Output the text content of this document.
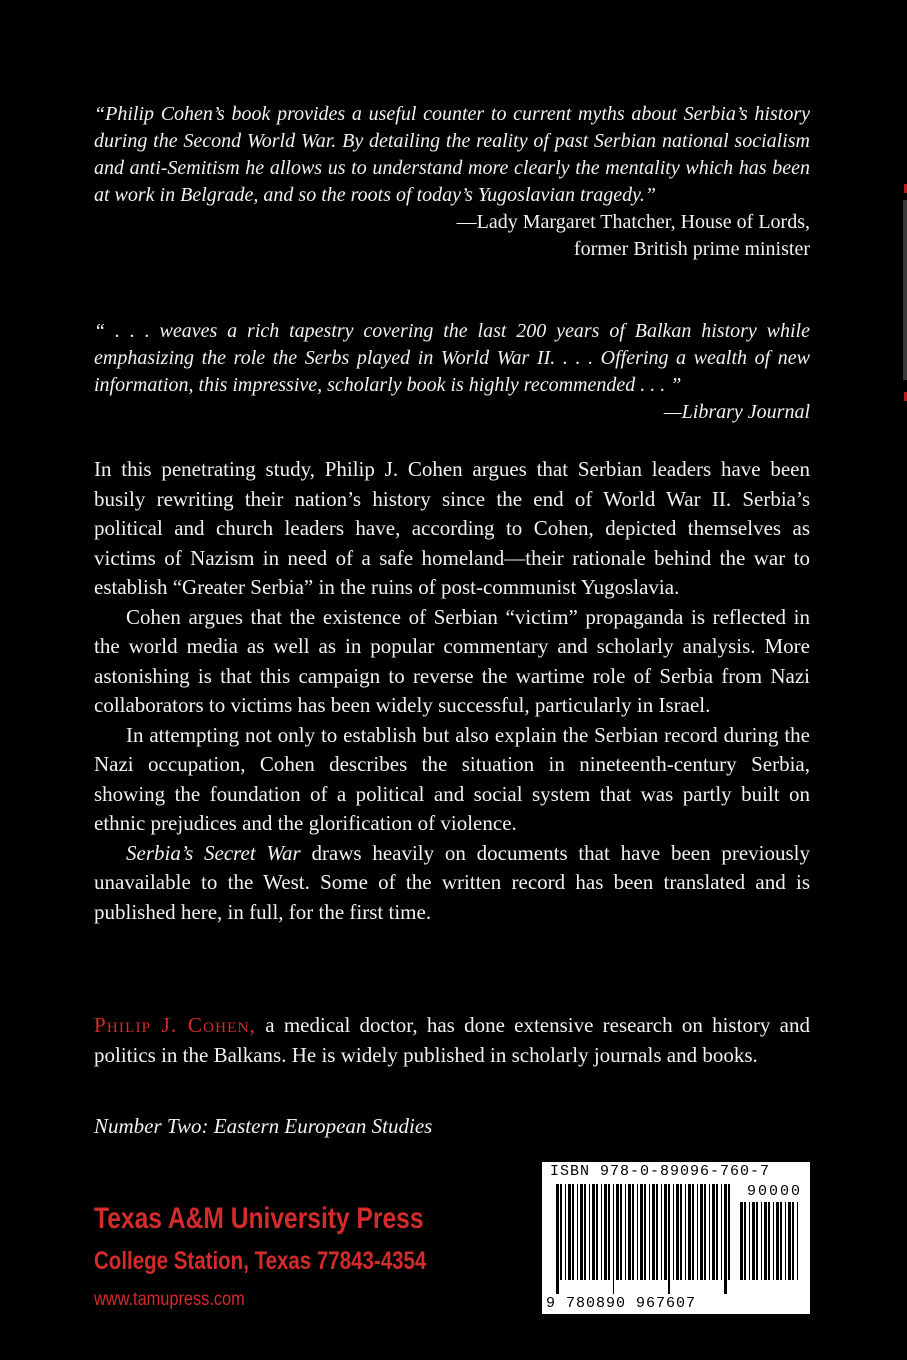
“Philip Cohen’s book provides a useful counter to current myths about Serbia’s history during the Second World War. By detailing the reality of past Serbian national socialism and anti-Semitism he allows us to understand more clearly the mentality which has been at work in Belgrade, and so the roots of today’s Yugoslavian tragedy.”

—Lady Margaret Thatcher, House of Lords,
former British prime minister

“ . . . weaves a rich tapestry covering the last 200 years of Balkan history while emphasizing the role the Serbs played in World War II. . . . Offering a wealth of new information, this impressive, scholarly book is highly recommended . . . ”

—Library Journal

In this penetrating study, Philip J. Cohen argues that Serbian leaders have been busily rewriting their nation’s history since the end of World War II. Serbia’s political and church leaders have, according to Cohen, depicted themselves as victims of Nazism in need of a safe homeland—their rationale behind the war to establish “Greater Serbia” in the ruins of post-communist Yugoslavia.

Cohen argues that the existence of Serbian “victim” propaganda is reflected in the world media as well as in popular commentary and scholarly analysis. More astonishing is that this campaign to reverse the wartime role of Serbia from Nazi collaborators to victims has been widely successful, particularly in Israel.

In attempting not only to establish but also explain the Serbian record during the Nazi occupation, Cohen describes the situation in nineteenth-century Serbia, showing the foundation of a political and social system that was partly built on ethnic prejudices and the glorification of violence.

Serbia’s Secret War draws heavily on documents that have been previously unavailable to the West. Some of the written record has been translated and is published here, in full, for the first time.

Philip J. Cohen, a medical doctor, has done extensive research on history and politics in the Balkans. He is widely published in scholarly journals and books.

Number Two: Eastern European Studies

Texas A&M University Press
College Station, Texas 77843-4354
www.tamupress.com
ISBN 978-0-89096-760-7
90000
9 780890 967607
